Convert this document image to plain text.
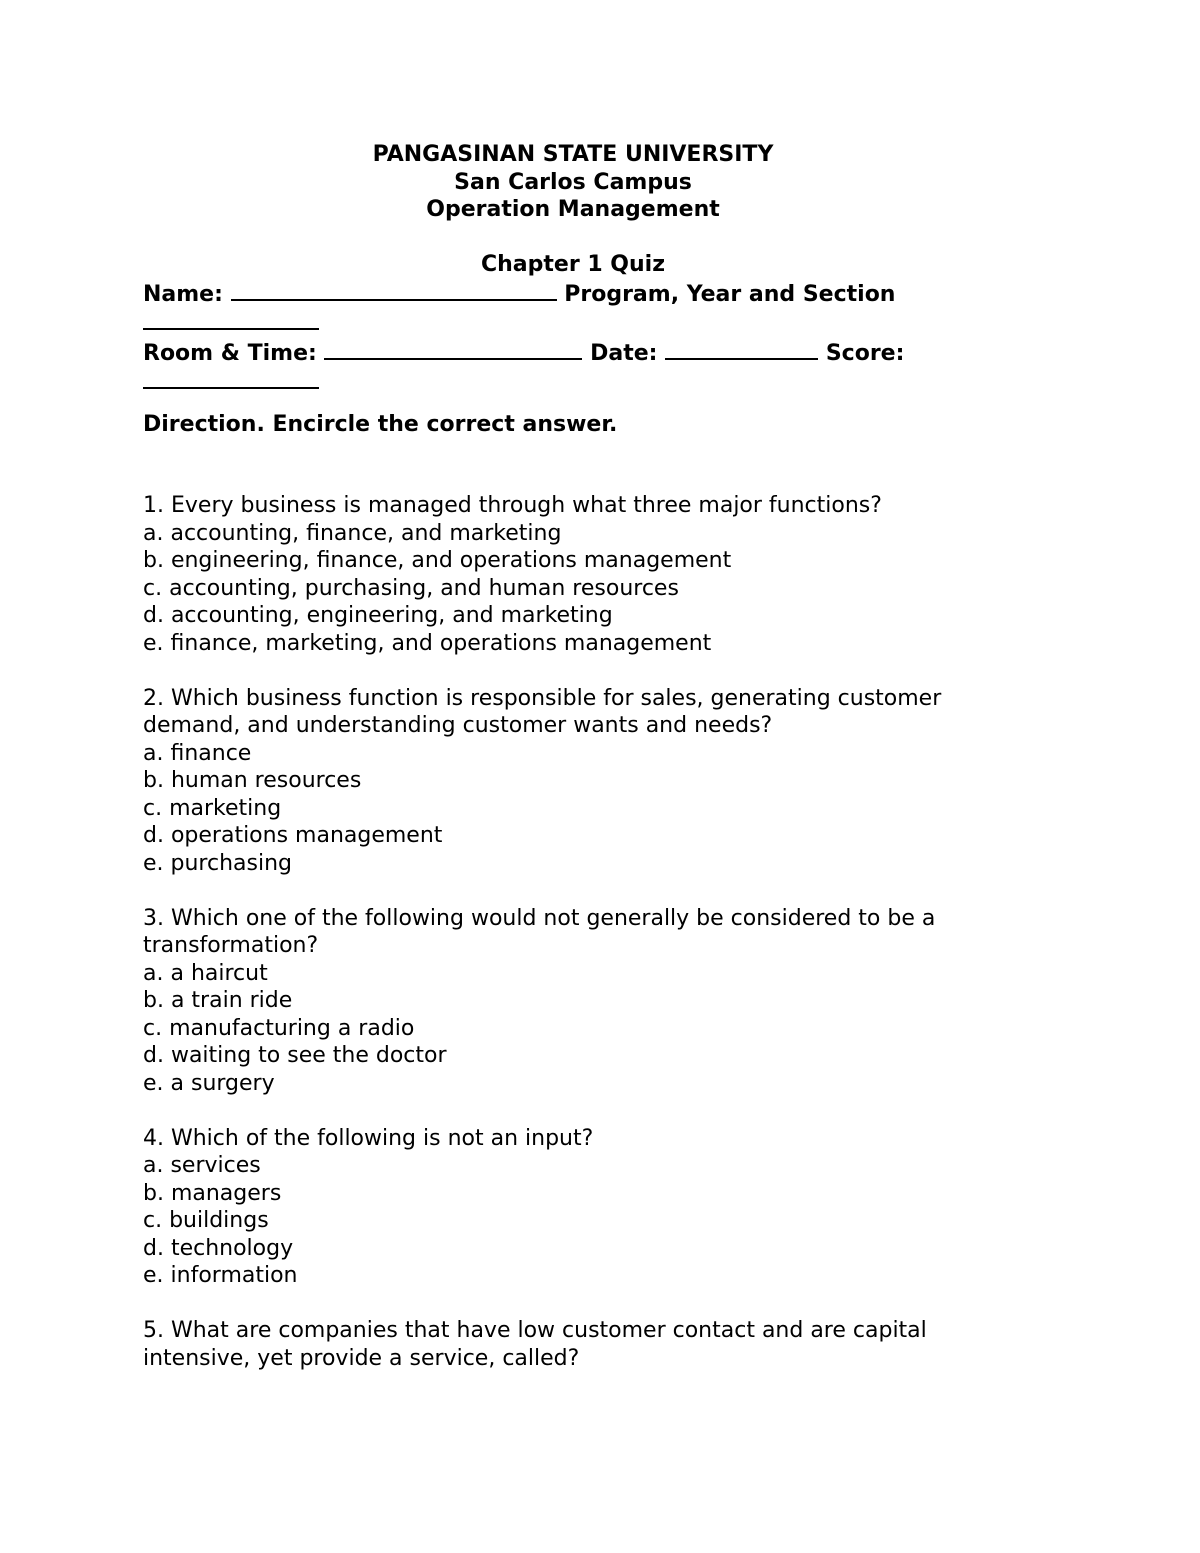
PANGASINAN STATE UNIVERSITY
San Carlos Campus
Operation Management
Chapter 1 Quiz
Name:	Program, Year and Section
Room & Time:	Date:	Score:
Direction. Encircle the correct answer.
1. Every business is managed through what three major functions?
a. accounting, finance, and marketing
b. engineering, finance, and operations management
c. accounting, purchasing, and human resources
d. accounting, engineering, and marketing
e. finance, marketing, and operations management
2. Which business function is responsible for sales, generating customer demand, and understanding customer wants and needs?
a. finance
b. human resources
c. marketing
d. operations management
e. purchasing
3. Which one of the following would not generally be considered to be a transformation?
a. a haircut
b. a train ride
c. manufacturing a radio
d. waiting to see the doctor
e. a surgery
4. Which of the following is not an input?
a. services
b. managers
c. buildings
d. technology
e. information
5. What are companies that have low customer contact and are capital intensive, yet provide a service, called?
